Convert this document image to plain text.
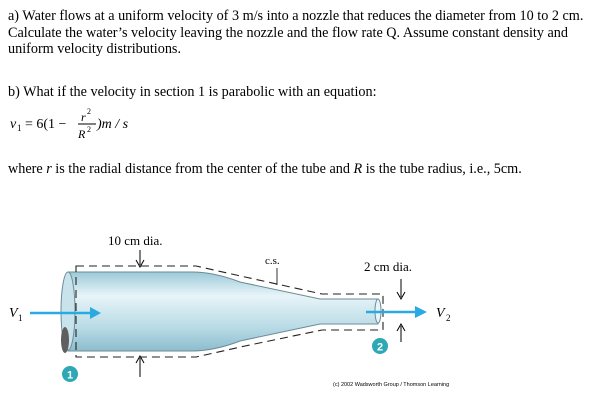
a) Water flows at a uniform velocity of 3 m/s into a nozzle that reduces the diameter from 10 to 2 cm. Calculate the water’s velocity leaving the nozzle and the flow rate Q. Assume constant density and uniform velocity distributions.

b) What if the velocity in section 1 is parabolic with an equation:

v 1 = 6(1 − r 2
R 2 )m / s

where r is the radial distance from the center of the tube and R is the tube radius, i.e., 5cm.

10 cm dia.
c.s.	2 cm dia.
V 1	V 2
1
2
(c) 2002 Wadsworth Group / Thomson Learning
